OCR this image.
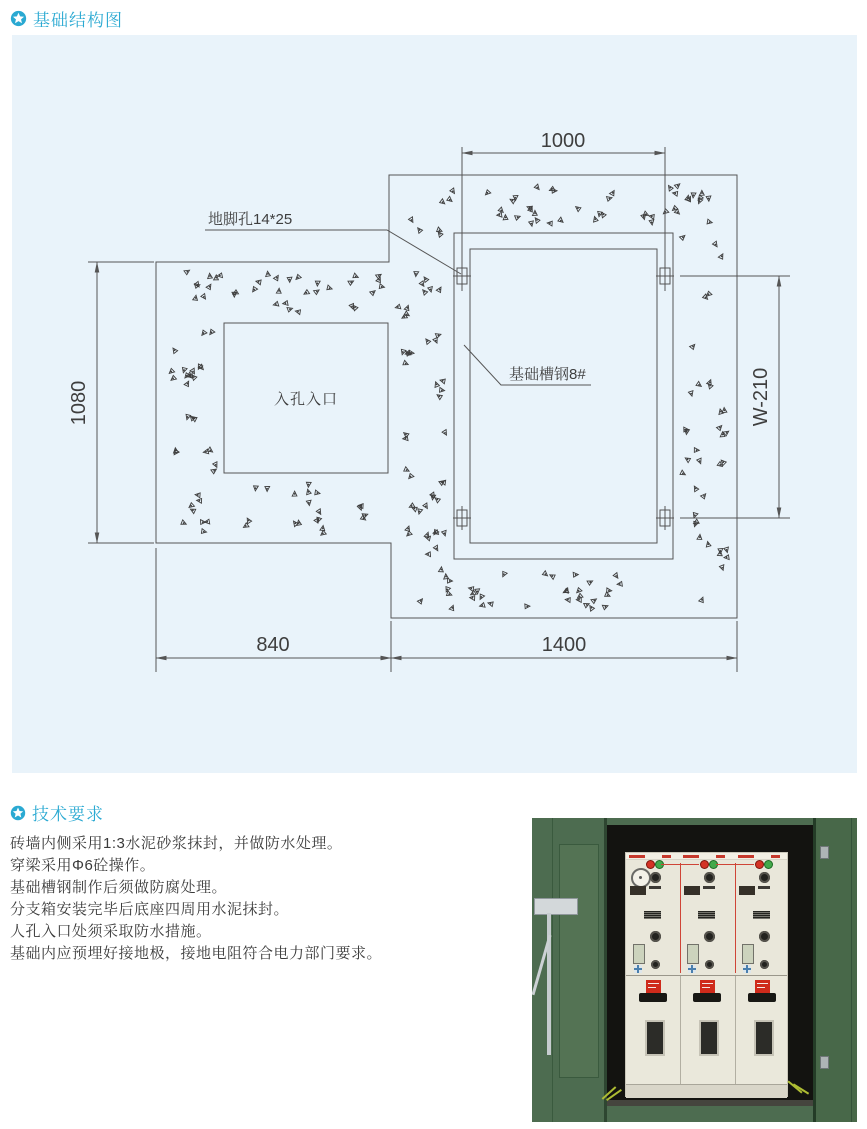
基础结构图
1000
1080	W-210
840	1400
地脚孔14*25
基础槽钢8#
入孔入口
技术要求
砖墙内侧采用1:3水泥砂浆抹封，并做防水处理。
穿梁采用Φ6砼操作。
基础槽钢制作后须做防腐处理。
分支箱安装完毕后底座四周用水泥抹封。
人孔入口处须采取防水措施。
基础内应预埋好接地极，接地电阻符合电力部门要求。
